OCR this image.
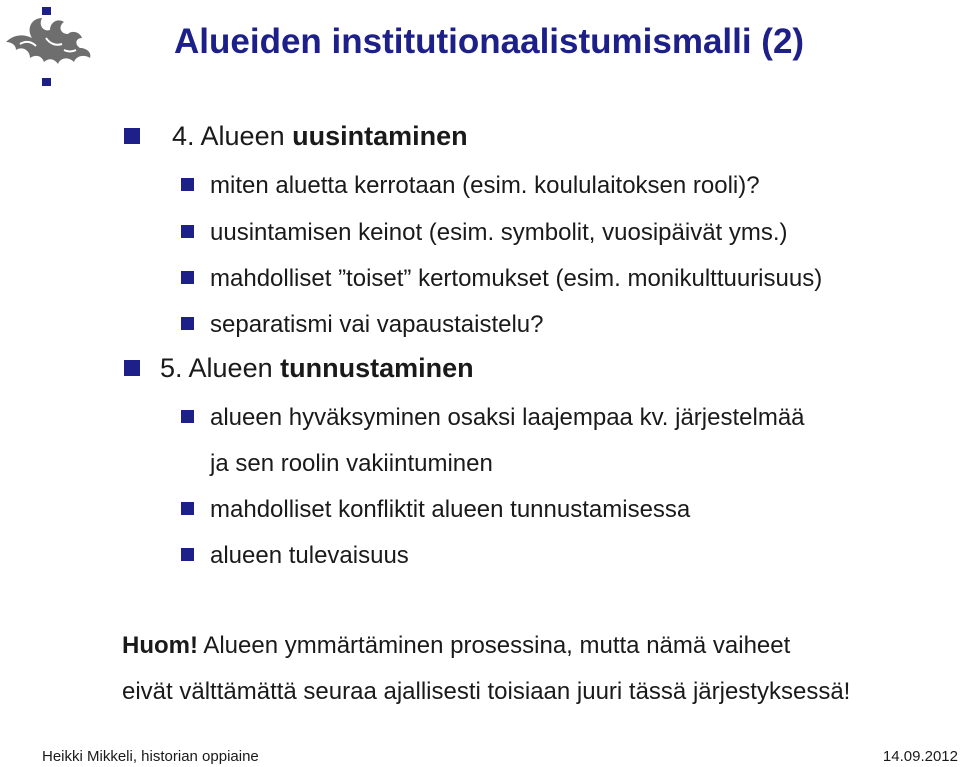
Alueiden institutionaalistumismalli (2)
4. Alueen uusintaminen
miten aluetta kerrotaan (esim. koululaitoksen rooli)?
uusintamisen keinot (esim. symbolit, vuosipäivät yms.)
mahdolliset ”toiset” kertomukset (esim. monikulttuurisuus)
separatismi vai vapaustaistelu?
5. Alueen tunnustaminen
alueen hyväksyminen osaksi laajempaa kv. järjestelmää
ja sen roolin vakiintuminen
mahdolliset konfliktit alueen tunnustamisessa
alueen tulevaisuus
Huom! Alueen ymmärtäminen prosessina, mutta nämä vaiheet
eivät välttämättä seuraa ajallisesti toisiaan juuri tässä järjestyksessä!
Heikki Mikkeli, historian oppiaine	14.09.2012
